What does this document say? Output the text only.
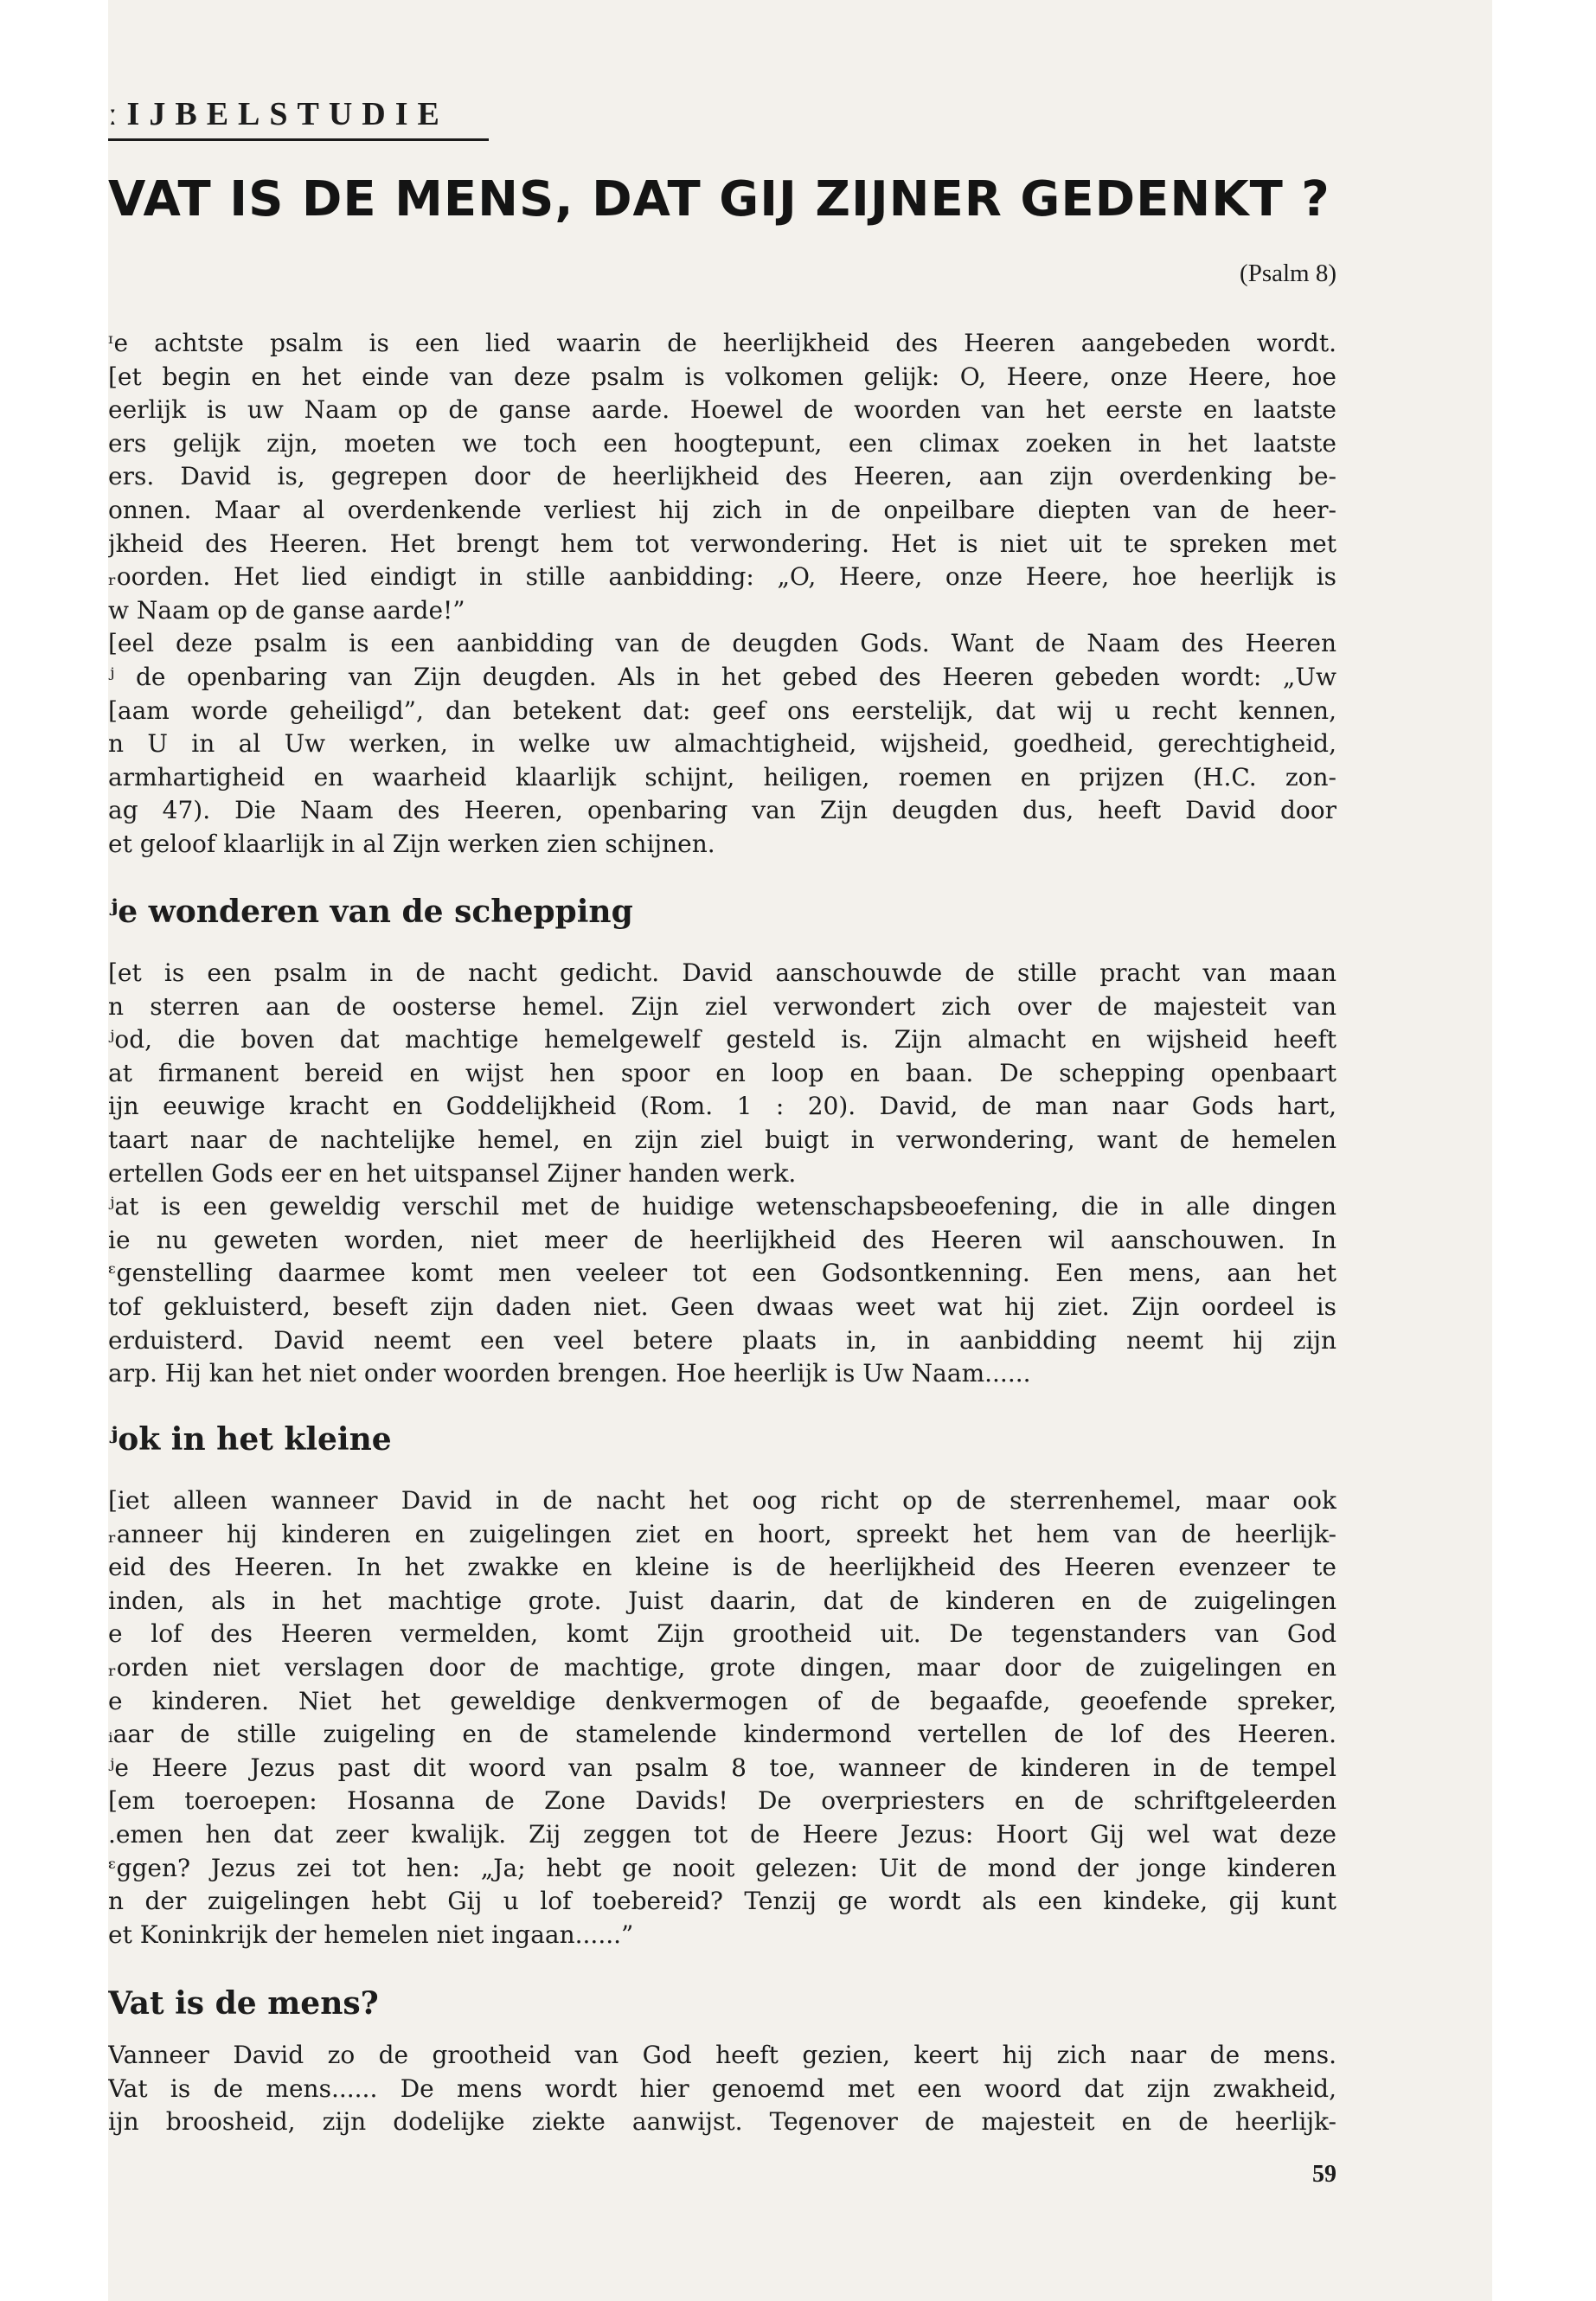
ːIJBELSTUDIE
VAT IS DE MENS, DAT GIJ ZIJNER GEDENKT ?
(Psalm 8)
ᶦe achtste psalm is een lied waarin de heerlijkheid des Heeren aangebeden wordt.
[et begin en het einde van deze psalm is volkomen gelijk: O, Heere, onze Heere, hoe
eerlijk is uw Naam op de ganse aarde. Hoewel de woorden van het eerste en laatste
ers gelijk zijn, moeten we toch een hoogtepunt, een climax zoeken in het laatste
ers. David is, gegrepen door de heerlijkheid des Heeren, aan zijn overdenking be-
onnen. Maar al overdenkende verliest hij zich in de onpeilbare diepten van de heer-
jkheid des Heeren. Het brengt hem tot verwondering. Het is niet uit te spreken met
ᵣoorden. Het lied eindigt in stille aanbidding: „O, Heere, onze Heere, hoe heerlijk is
w Naam op de ganse aarde!”
[eel deze psalm is een aanbidding van de deugden Gods. Want de Naam des Heeren
ʲ de openbaring van Zijn deugden. Als in het gebed des Heeren gebeden wordt: „Uw
[aam worde geheiligd”, dan betekent dat: geef ons eerstelijk, dat wij u recht kennen,
n U in al Uw werken, in welke uw almachtigheid, wijsheid, goedheid, gerechtigheid,
armhartigheid en waarheid klaarlijk schijnt, heiligen, roemen en prijzen (H.C. zon-
ag 47). Die Naam des Heeren, openbaring van Zijn deugden dus, heeft David door
et geloof klaarlijk in al Zijn werken zien schijnen.
ʲe wonderen van de schepping
[et is een psalm in de nacht gedicht. David aanschouwde de stille pracht van maan
n sterren aan de oosterse hemel. Zijn ziel verwondert zich over de majesteit van
ʲod, die boven dat machtige hemelgewelf gesteld is. Zijn almacht en wijsheid heeft
at firmanent bereid en wijst hen spoor en loop en baan. De schepping openbaart
ijn eeuwige kracht en Goddelijkheid (Rom. 1 : 20). David, de man naar Gods hart,
taart naar de nachtelijke hemel, en zijn ziel buigt in verwondering, want de hemelen
ertellen Gods eer en het uitspansel Zijner handen werk.
ʲat is een geweldig verschil met de huidige wetenschapsbeoefening, die in alle dingen
ie nu geweten worden, niet meer de heerlijkheid des Heeren wil aanschouwen. In
ᵋgenstelling daarmee komt men veeleer tot een Godsontkenning. Een mens, aan het
tof gekluisterd, beseft zijn daden niet. Geen dwaas weet wat hij ziet. Zijn oordeel is
erduisterd. David neemt een veel betere plaats in, in aanbidding neemt hij zijn
arp. Hij kan het niet onder woorden brengen. Hoe heerlijk is Uw Naam......
ʲok in het kleine
[iet alleen wanneer David in de nacht het oog richt op de sterrenhemel, maar ook
ᵣanneer hij kinderen en zuigelingen ziet en hoort, spreekt het hem van de heerlijk-
eid des Heeren. In het zwakke en kleine is de heerlijkheid des Heeren evenzeer te
inden, als in het machtige grote. Juist daarin, dat de kinderen en de zuigelingen
e lof des Heeren vermelden, komt Zijn grootheid uit. De tegenstanders van God
ᵣorden niet verslagen door de machtige, grote dingen, maar door de zuigelingen en
e kinderen. Niet het geweldige denkvermogen of de begaafde, geoefende spreker,
ᵢaar de stille zuigeling en de stamelende kindermond vertellen de lof des Heeren.
ʲe Heere Jezus past dit woord van psalm 8 toe, wanneer de kinderen in de tempel
[em toeroepen: Hosanna de Zone Davids! De overpriesters en de schriftgeleerden
.emen hen dat zeer kwalijk. Zij zeggen tot de Heere Jezus: Hoort Gij wel wat deze
ᵋggen? Jezus zei tot hen: „Ja; hebt ge nooit gelezen: Uit de mond der jonge kinderen
n der zuigelingen hebt Gij u lof toebereid? Tenzij ge wordt als een kindeke, gij kunt
et Koninkrijk der hemelen niet ingaan......”
Vat is de mens?
Vanneer David zo de grootheid van God heeft gezien, keert hij zich naar de mens.
Vat is de mens...... De mens wordt hier genoemd met een woord dat zijn zwakheid,
ijn broosheid, zijn dodelijke ziekte aanwijst. Tegenover de majesteit en de heerlijk-
59
